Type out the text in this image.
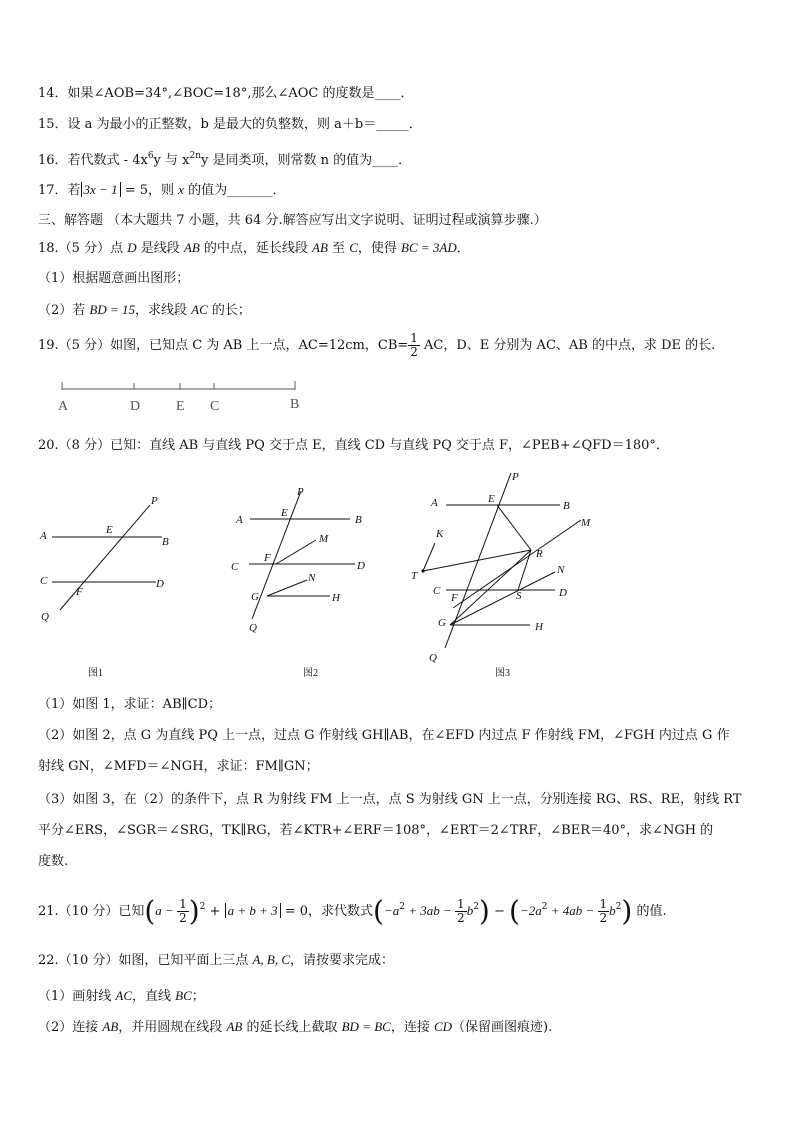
14．如果∠AOB=34°,∠BOC=18°,那么∠AOC 的度数是____．
15．设 a 为最小的正整数，b 是最大的负整数，则 a＋b＝_____．
16．若代数式 - $4x^6y$ 与 $x^{2n}y$ 是同类项，则常数 n 的值为____．
17．若 3x − 1 = 5，则 x 的值为_______．
三、解答题 （本大题共 7 小题，共 64 分.解答应写出文字说明、证明过程或演算步骤.）
18.（5 分）点 D 是线段 AB 的中点，延长线段 AB 至 C，使得 BC = 3AD．
（1）根据题意画出图形；
（2）若 BD = 15，求线段 AC 的长；
19.（5 分）如图，已知点 C 为 AB 上一点，AC=12cm，$CB= \frac{1}{2}$ AC，D、E 分别为 AC、AB 的中点，求 DE 的长.
A	D	E C	B
20.（8 分）已知：直线 AB 与直线 PQ 交于点 E，直线 CD 与直线 PQ 交于点 F，∠PEB+∠QFD＝180°．
P
A	E
B
C	D
F
Q
图1
P
A
E
B
M
C
F
D
N
G	H
Q
图2
P
A	E
B
M
K
R
N
T
C
F	S	D
G	H
Q
图3
（1）如图 1，求证：AB∥CD；
（2）如图 2，点 G 为直线 PQ 上一点，过点 G 作射线 GH∥AB，在∠EFD 内过点 F 作射线 FM，∠FGH 内过点 G 作
射线 GN，∠MFD＝∠NGH，求证：FM∥GN；
（3）如图 3，在（2）的条件下，点 R 为射线 FM 上一点，点 S 为射线 GN 上一点，分别连接 RG、RS、RE，射线 RT
平分∠ERS，∠SGR＝∠SRG，TK∥RG，若∠KTR+∠ERF＝108°，∠ERT＝2∠TRF，∠BER＝40°，求∠NGH 的
度数.
21.（10 分）已知$(a - \frac{1}{2} )^2 + a + b + 3 = 0$，求代数式$(-a^2 + 3ab - \frac{1}{2} b^2) - (-2a^2 + 4ab - \frac{1}{2} b^2)$ 的值.
22.（10 分）如图，已知平面上三点 A, B, C，请按要求完成：
（1）画射线 AC，直线 BC；
（2）连接 AB，并用圆规在线段 AB 的延长线上截取 BD = BC，连接 CD（保留画图痕迹).
